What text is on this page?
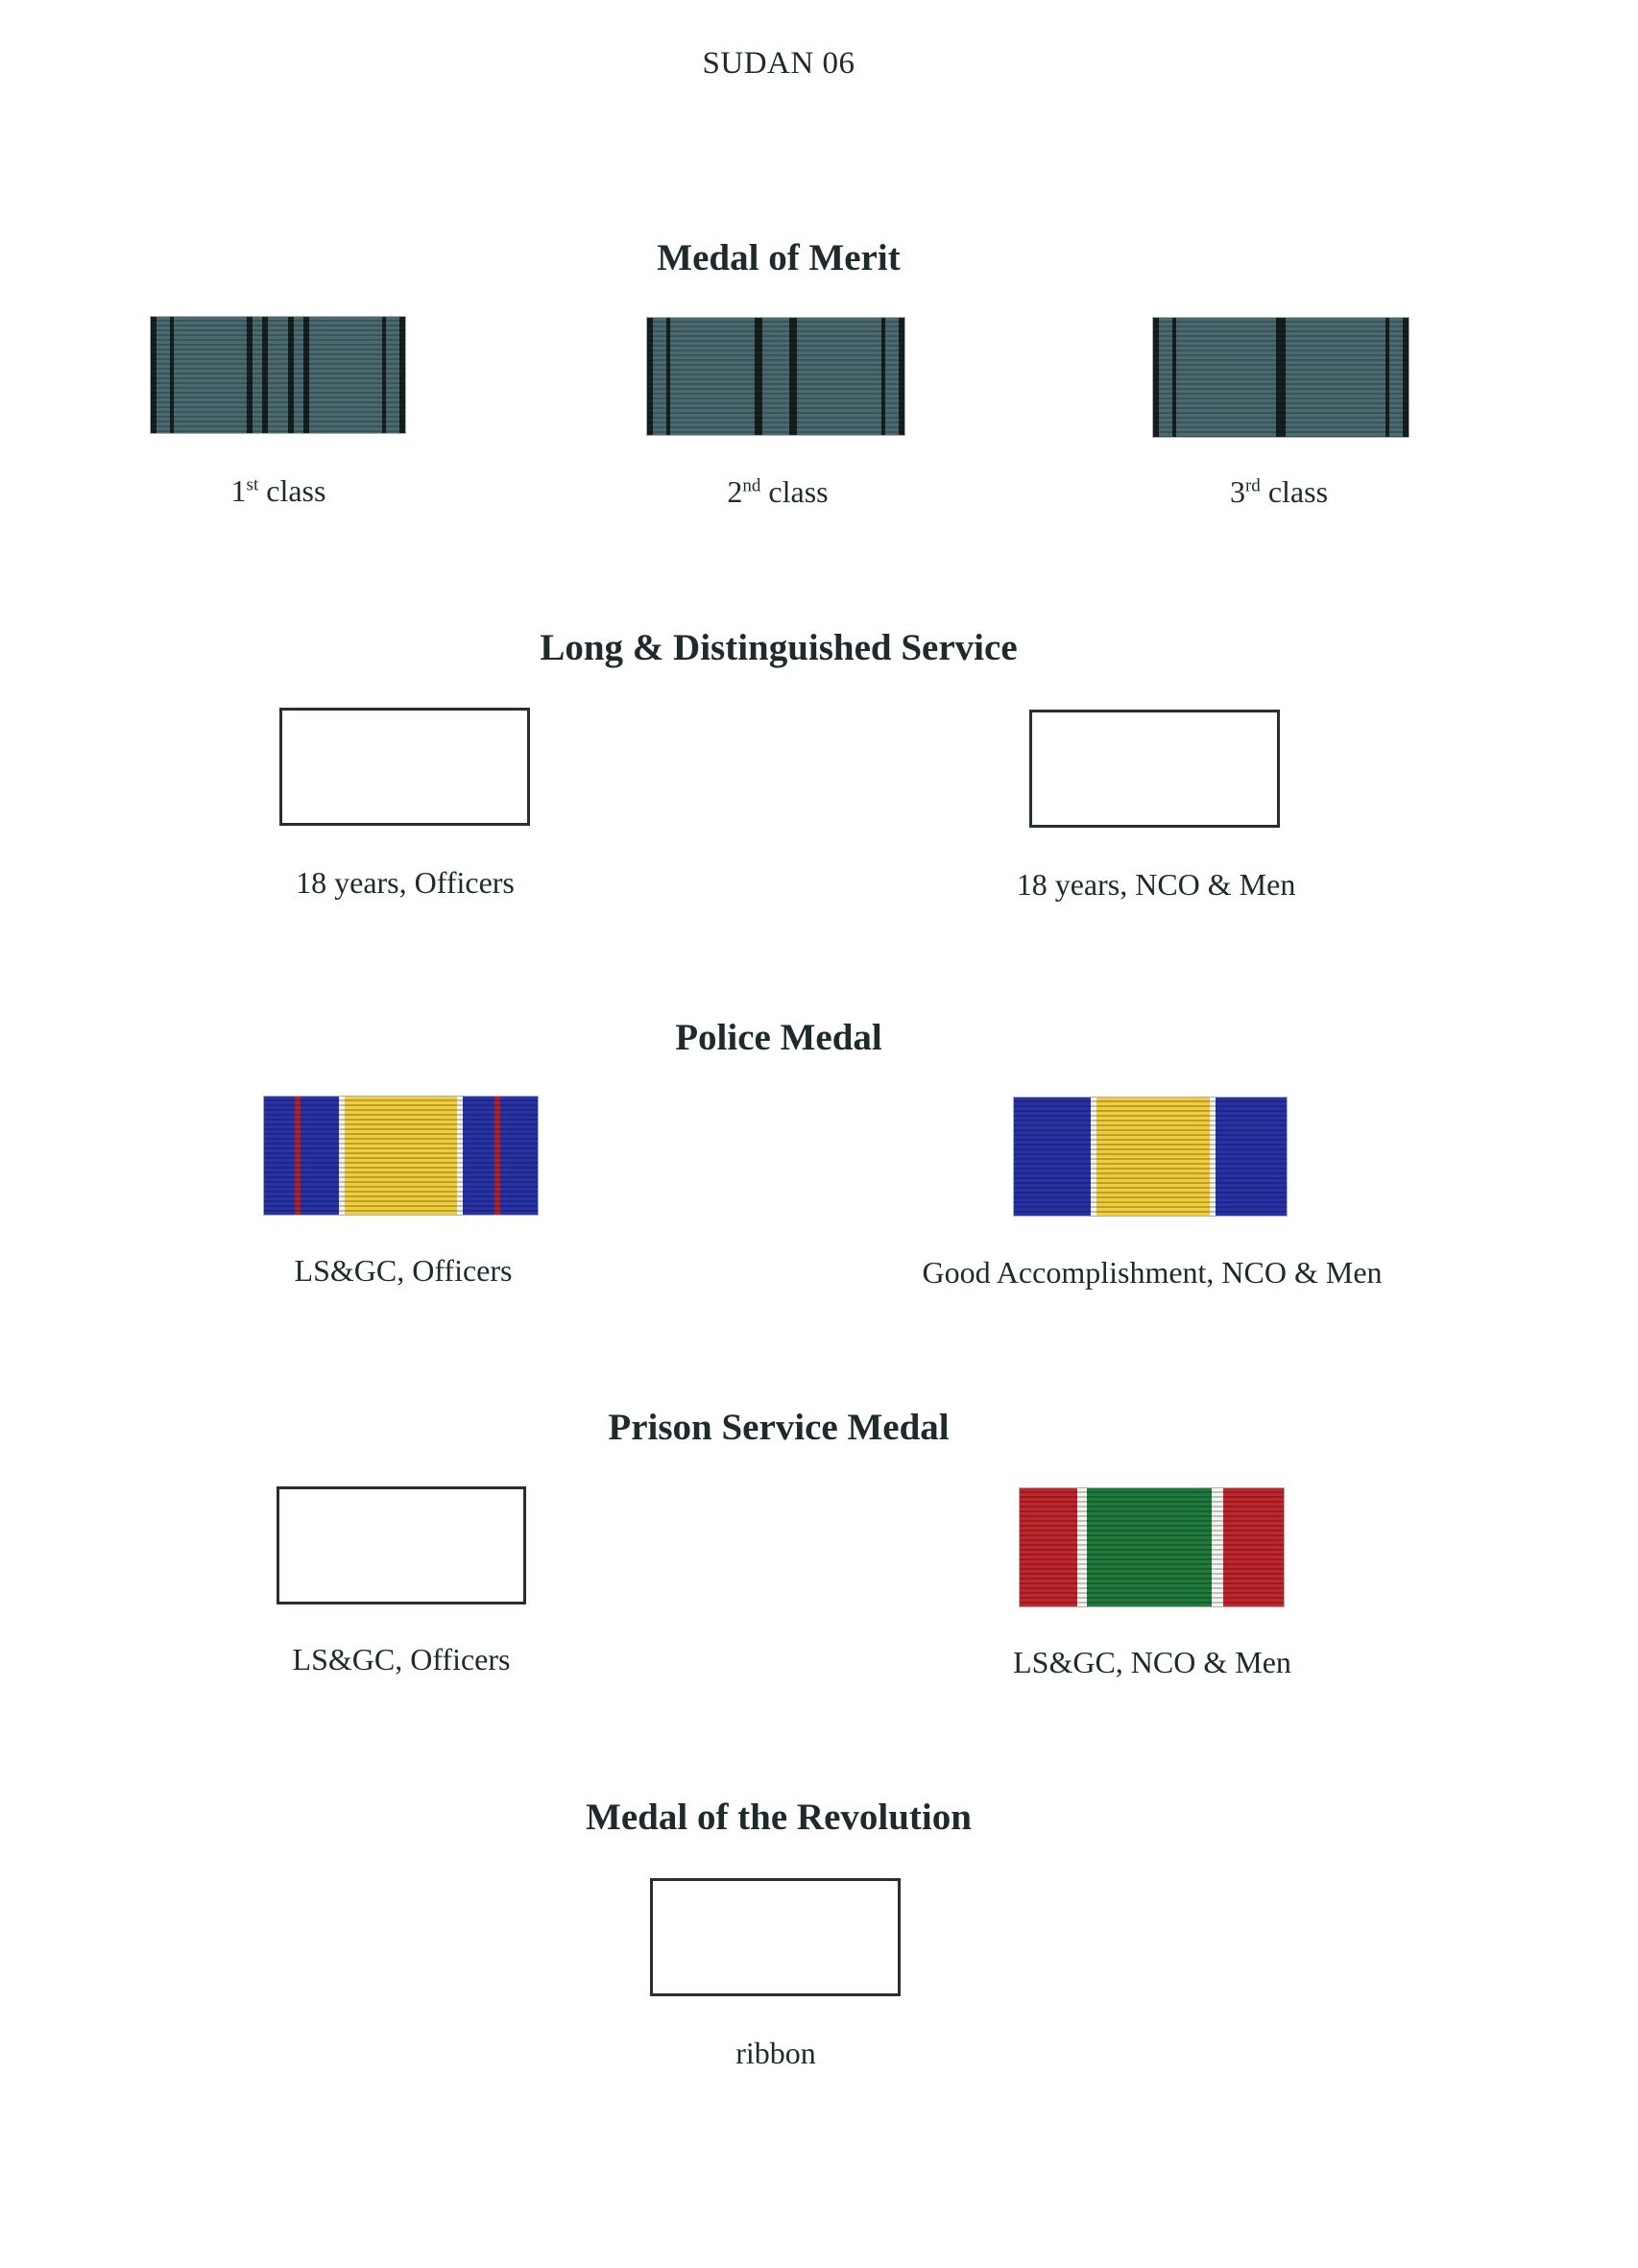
SUDAN 06
Medal of Merit
1st class	2nd class	3rd class
Long & Distinguished Service
18 years, Officers	18 years, NCO & Men
Police Medal
LS&GC, Officers	Good Accomplishment, NCO & Men
Prison Service Medal
LS&GC, Officers	LS&GC, NCO & Men
Medal of the Revolution
ribbon
